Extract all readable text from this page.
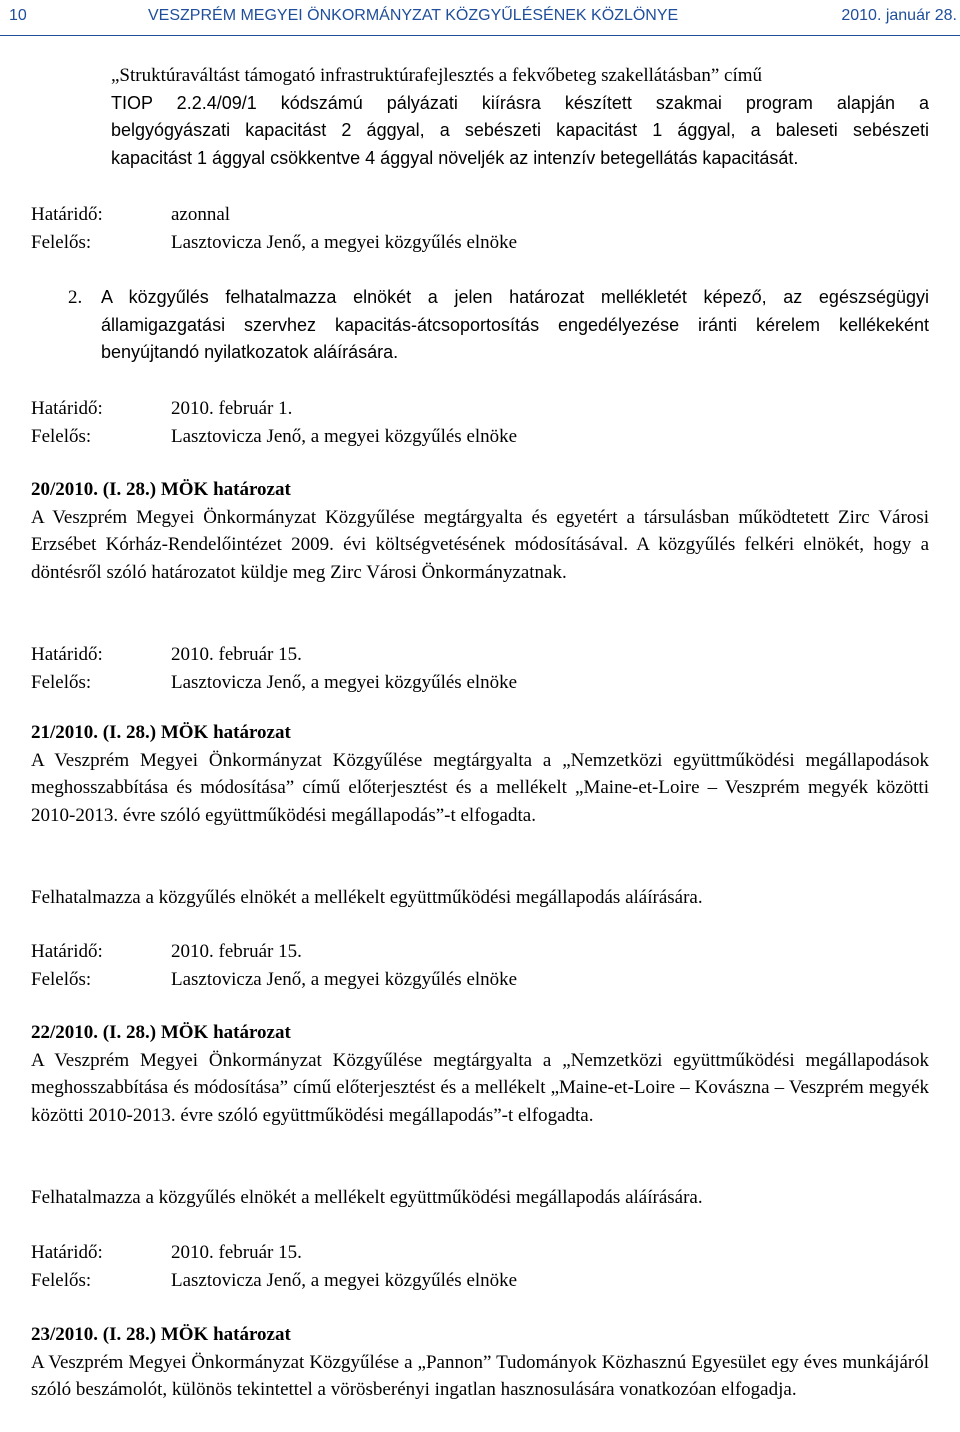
10	VESZPRÉM MEGYEI ÖNKORMÁNYZAT KÖZGYŰLÉSÉNEK KÖZLÖNYE	2010. január 28.
„Struktúraváltást támogató infrastruktúrafejlesztés a fekvőbeteg szakellátásban” című
TIOP 2.2.4/09/1 kódszámú pályázati kiírásra készített szakmai program alapján a
belgyógyászati kapacitást 2 ággyal, a sebészeti kapacitást 1 ággyal, a baleseti sebészeti
kapacitást 1 ággyal csökkentve 4 ággyal növeljék az intenzív betegellátás kapacitását.
Határidő:	azonnal
Felelős:	Lasztovicza Jenő, a megyei közgyűlés elnöke
2. A közgyűlés felhatalmazza elnökét a jelen határozat mellékletét képező, az egészségügyi államigazgatási szervhez kapacitás-átcsoportosítás engedélyezése iránti kérelem kellékeként benyújtandó nyilatkozatok aláírására.

Határidő:	2010. február 1.
Felelős:	Lasztovicza Jenő, a megyei közgyűlés elnöke
20/2010. (I. 28.) MÖK határozat

A Veszprém Megyei Önkormányzat Közgyűlése megtárgyalta és egyetért a társulásban működtetett Zirc Városi Erzsébet Kórház-Rendelőintézet 2009. évi költségvetésének módosításával. A közgyűlés felkéri elnökét, hogy a döntésről szóló határozatot küldje meg Zirc Városi Önkormányzatnak.

Határidő:	2010. február 15.
Felelős:	Lasztovicza Jenő, a megyei közgyűlés elnöke
21/2010. (I. 28.) MÖK határozat

A Veszprém Megyei Önkormányzat Közgyűlése megtárgyalta a „Nemzetközi együttműködési megállapodások meghosszabbítása és módosítása” című előterjesztést és a mellékelt „Maine-et-Loire – Veszprém megyék közötti 2010-2013. évre szóló együttműködési megállapodás”-t elfogadta.

Felhatalmazza a közgyűlés elnökét a mellékelt együttműködési megállapodás aláírására.

Határidő:	2010. február 15.
Felelős:	Lasztovicza Jenő, a megyei közgyűlés elnöke
22/2010. (I. 28.) MÖK határozat

A Veszprém Megyei Önkormányzat Közgyűlése megtárgyalta a „Nemzetközi együttműködési megállapodások meghosszabbítása és módosítása” című előterjesztést és a mellékelt „Maine-et-Loire – Kovászna – Veszprém megyék közötti 2010-2013. évre szóló együttműködési megállapodás”-t elfogadta.

Felhatalmazza a közgyűlés elnökét a mellékelt együttműködési megállapodás aláírására.

Határidő:	2010. február 15.
Felelős:	Lasztovicza Jenő, a megyei közgyűlés elnöke
23/2010. (I. 28.) MÖK határozat

A Veszprém Megyei Önkormányzat Közgyűlése a „Pannon” Tudományok Közhasznú Egyesület egy éves munkájáról szóló beszámolót, különös tekintettel a vörösberényi ingatlan hasznosulására vonatkozóan elfogadja.
